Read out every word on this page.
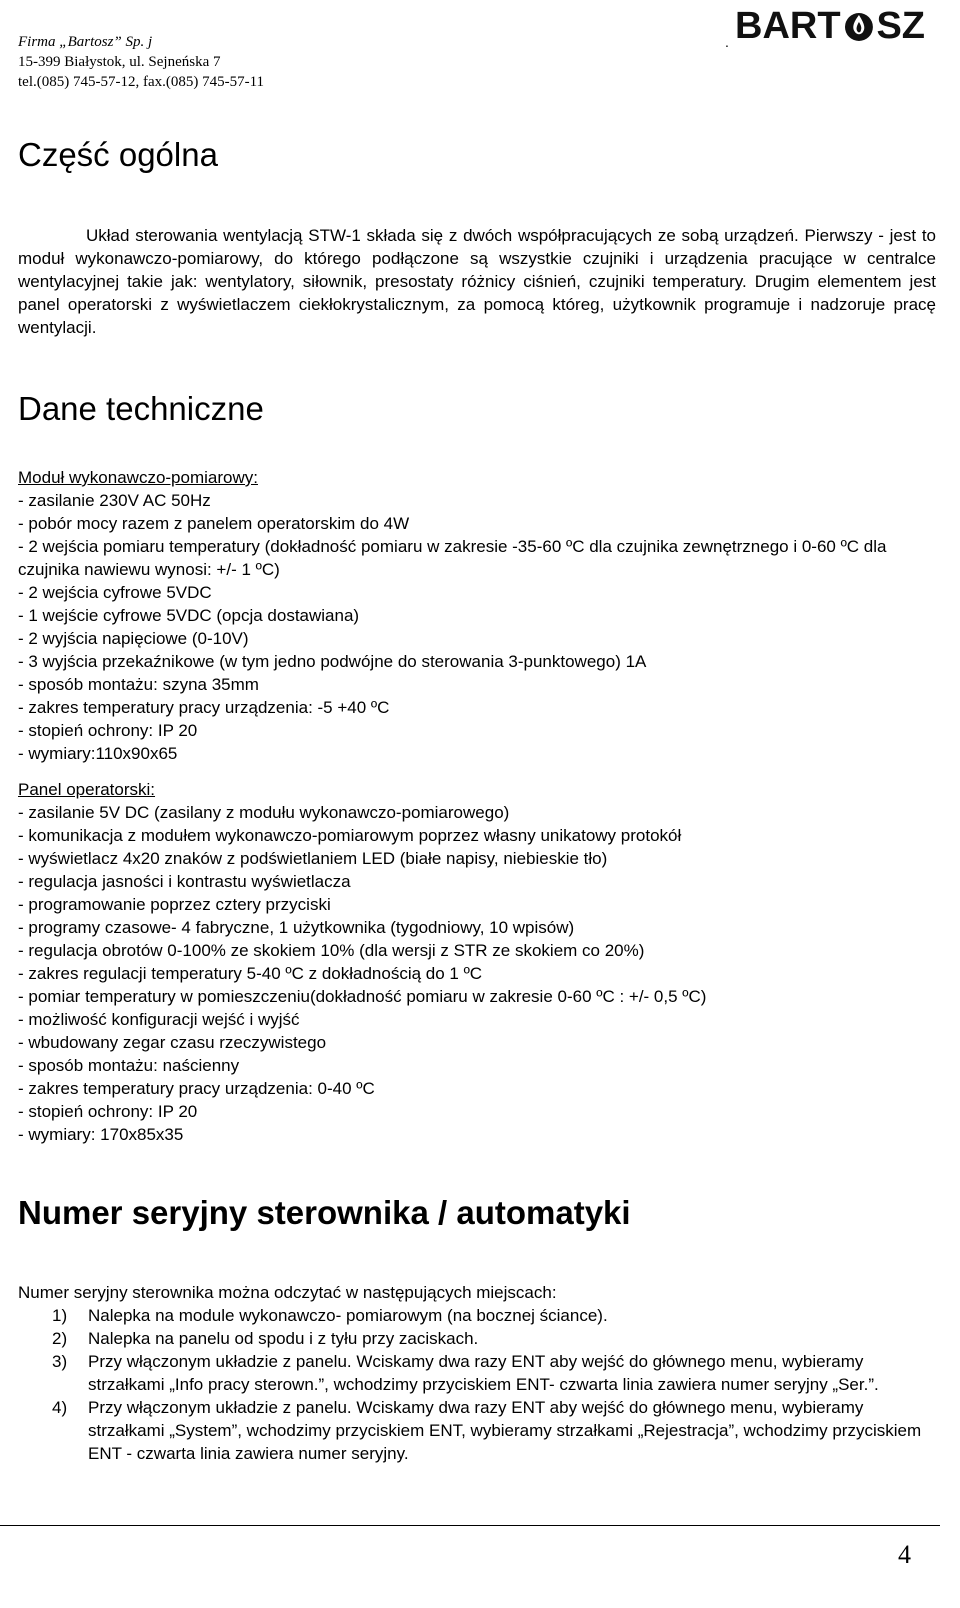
Firma „Bartosz” Sp. j
15-399 Białystok, ul. Sejneńska 7
tel.(085) 745-57-12, fax.(085) 745-57-11
. BART SZ
Część ogólna

Układ sterowania wentylacją STW-1 składa się z dwóch współpracujących ze sobą urządzeń. Pierwszy - jest to moduł wykonawczo-pomiarowy, do którego podłączone są wszystkie czujniki i urządzenia pracujące w centralce wentylacyjnej takie jak: wentylatory, siłownik, presostaty różnicy ciśnień, czujniki temperatury. Drugim elementem jest panel operatorski z wyświetlaczem ciekłokrystalicznym, za pomocą któreg, użytkownik programuje i nadzoruje pracę wentylacji.

Dane techniczne
Moduł wykonawczo-pomiarowy:
- zasilanie 230V AC 50Hz
- pobór mocy razem z panelem operatorskim do 4W
- 2 wejścia pomiaru temperatury (dokładność pomiaru w zakresie -35-60 ºC dla czujnika zewnętrznego i 0-60 ºC dla czujnika nawiewu wynosi: +/- 1 ºC)
- 2 wejścia cyfrowe 5VDC
- 1 wejście cyfrowe 5VDC (opcja dostawiana)
- 2 wyjścia napięciowe (0-10V)
- 3 wyjścia przekaźnikowe (w tym jedno podwójne do sterowania 3-punktowego) 1A
- sposób montażu: szyna 35mm
- zakres temperatury pracy urządzenia: -5 +40 ºC
- stopień ochrony: IP 20
- wymiary:110x90x65
Panel operatorski:
- zasilanie 5V DC (zasilany z modułu wykonawczo-pomiarowego)
- komunikacja z modułem wykonawczo-pomiarowym poprzez własny unikatowy protokół
- wyświetlacz 4x20 znaków z podświetlaniem LED (białe napisy, niebieskie tło)
- regulacja jasności i kontrastu wyświetlacza
- programowanie poprzez cztery przyciski
- programy czasowe- 4 fabryczne, 1 użytkownika (tygodniowy, 10 wpisów)
- regulacja obrotów 0-100% ze skokiem 10% (dla wersji z STR ze skokiem co 20%)
- zakres regulacji temperatury 5-40 ºC z dokładnością do 1 ºC
- pomiar temperatury w pomieszczeniu(dokładność pomiaru w zakresie 0-60 ºC : +/- 0,5 ºC)
- możliwość konfiguracji wejść i wyjść
- wbudowany zegar czasu rzeczywistego
- sposób montażu: naścienny
- zakres temperatury pracy urządzenia: 0-40 ºC
- stopień ochrony: IP 20
- wymiary: 170x85x35
Numer seryjny sterownika / automatyki

Numer seryjny sterownika można odczytać w następujących miejscach:

1) Nalepka na module wykonawczo- pomiarowym (na bocznej ściance).
2) Nalepka na panelu od spodu i z tyłu przy zaciskach.
3) Przy włączonym układzie z panelu. Wciskamy dwa razy ENT aby wejść do głównego menu, wybieramy strzałkami „Info pracy sterown.”, wchodzimy przyciskiem ENT- czwarta linia zawiera numer seryjny „Ser.”.
4) Przy włączonym układzie z panelu. Wciskamy dwa razy ENT aby wejść do głównego menu, wybieramy strzałkami „System”, wchodzimy przyciskiem ENT, wybieramy strzałkami „Rejestracja”, wchodzimy przyciskiem ENT - czwarta linia zawiera numer seryjny.
4
